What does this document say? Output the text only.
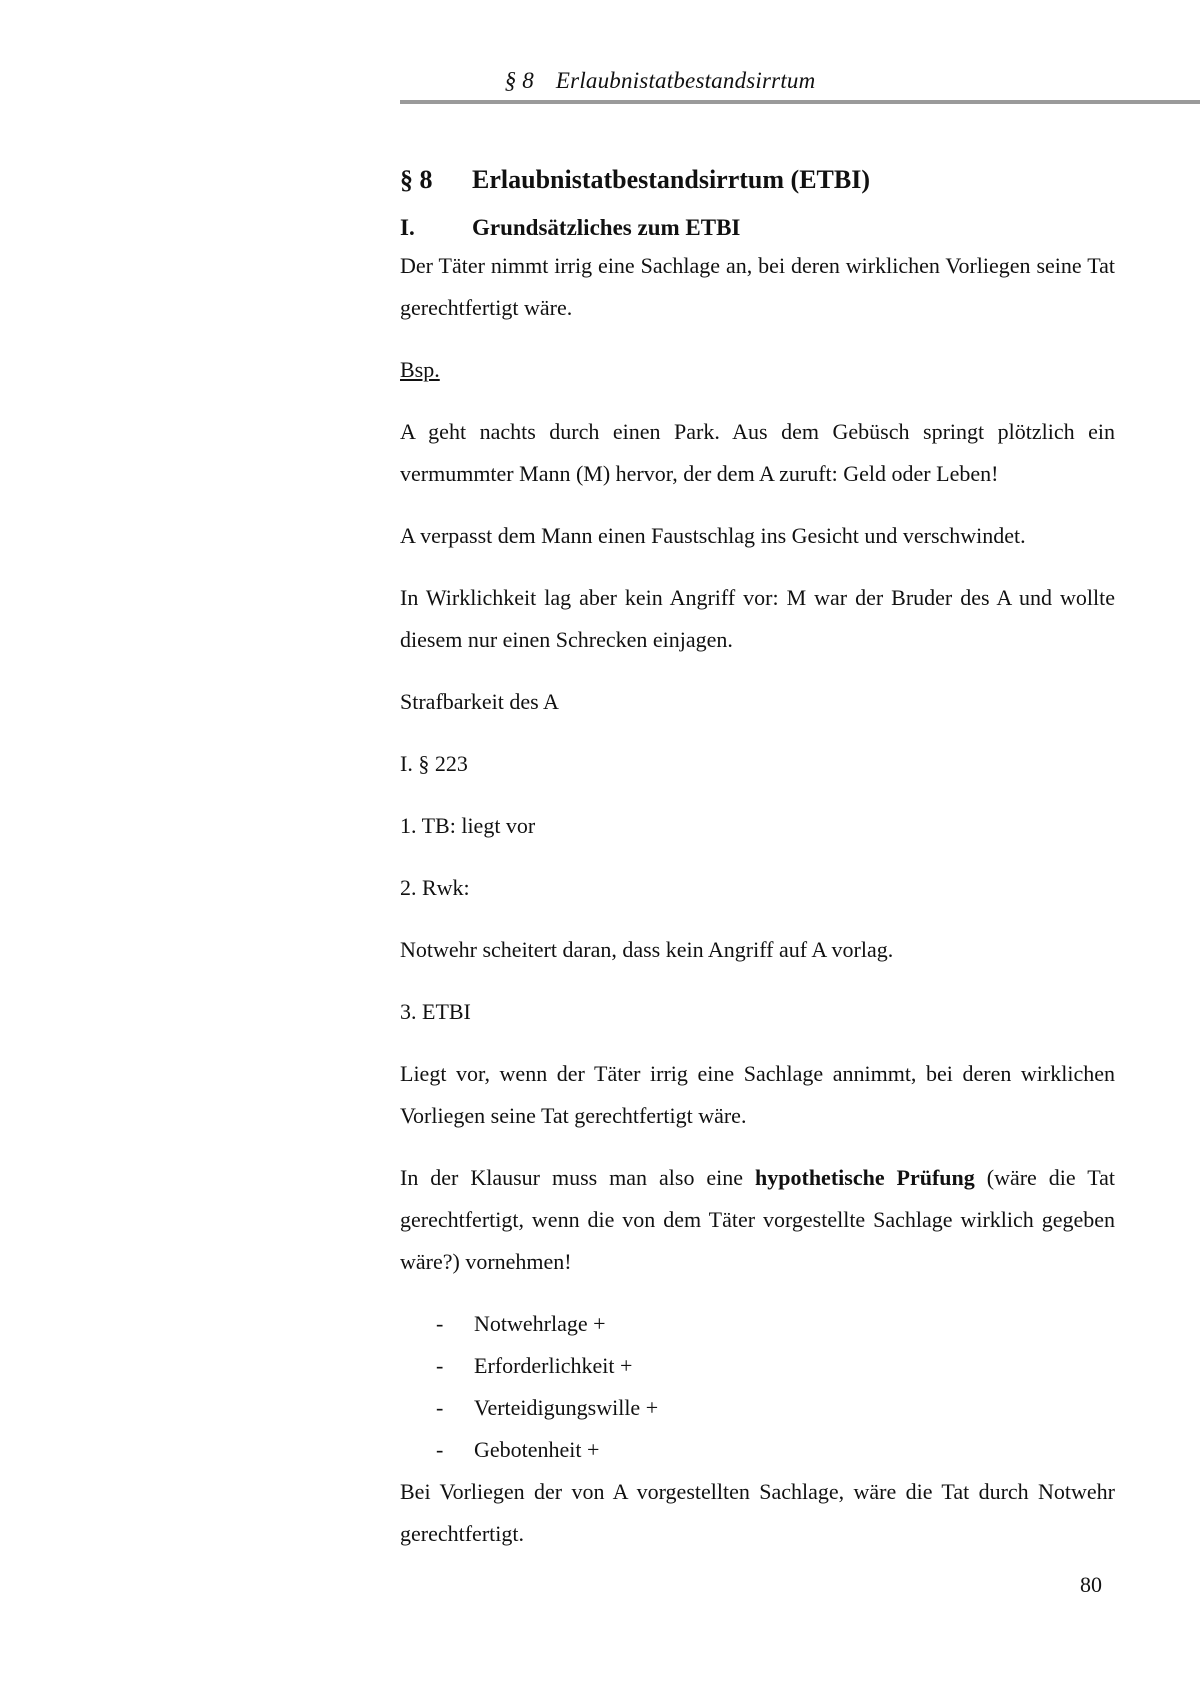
§ 8 Erlaubnistatbestandsirrtum
§ 8	Erlaubnistatbestandsirrtum (ETBI)
I.	Grundsätzliches zum ETBI

Der Täter nimmt irrig eine Sachlage an, bei deren wirklichen Vorliegen seine Tat gerechtfertigt wäre.

Bsp.

A geht nachts durch einen Park. Aus dem Gebüsch springt plötzlich ein vermummter Mann (M) hervor, der dem A zuruft: Geld oder Leben!

A verpasst dem Mann einen Faustschlag ins Gesicht und verschwindet.

In Wirklichkeit lag aber kein Angriff vor: M war der Bruder des A und wollte diesem nur einen Schrecken einjagen.

Strafbarkeit des A

I. § 223

1. TB: liegt vor

2. Rwk:

Notwehr scheitert daran, dass kein Angriff auf A vorlag.

3. ETBI

Liegt vor, wenn der Täter irrig eine Sachlage annimmt, bei deren wirklichen Vorliegen seine Tat gerechtfertigt wäre.

In der Klausur muss man also eine hypothetische Prüfung (wäre die Tat gerechtfertigt, wenn die von dem Täter vorgestellte Sachlage wirklich gegeben wäre?) vornehmen!

-	Notwehrlage +
-	Erforderlichkeit +
-	Verteidigungswille +
-	Gebotenheit +

Bei Vorliegen der von A vorgestellten Sachlage, wäre die Tat durch Notwehr gerechtfertigt.

80
